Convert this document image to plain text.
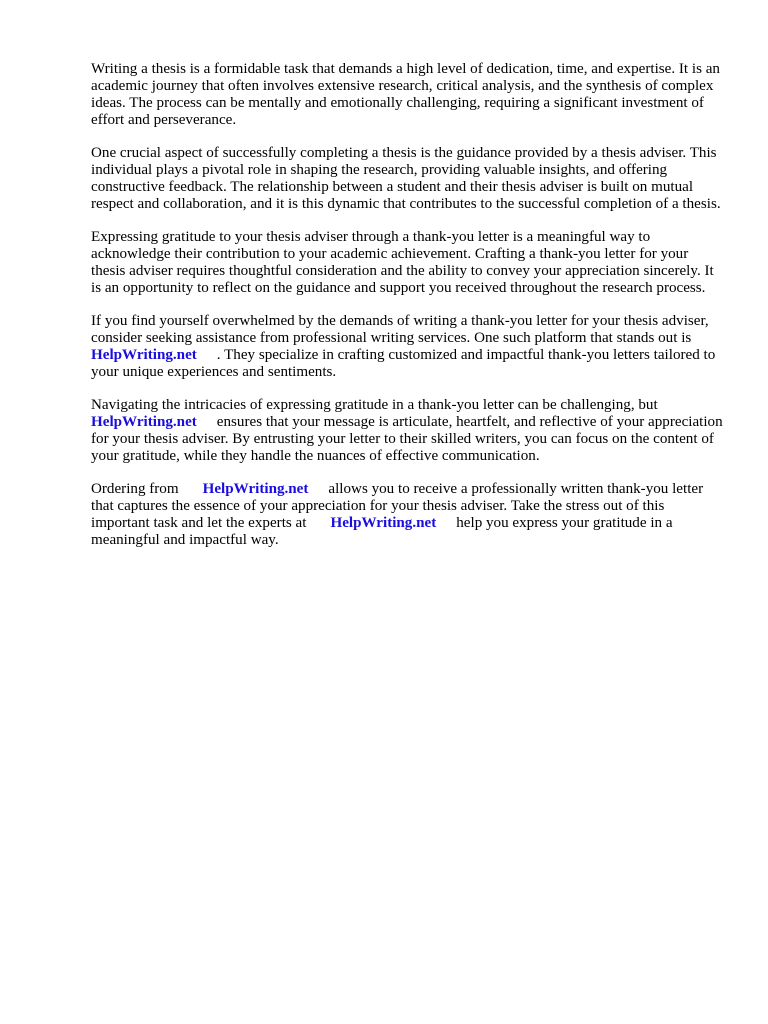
Writing a thesis is a formidable task that demands a high level of dedication, time, and expertise. It is an academic journey that often involves extensive research, critical analysis, and the synthesis of complex ideas. The process can be mentally and emotionally challenging, requiring a significant investment of effort and perseverance.

One crucial aspect of successfully completing a thesis is the guidance provided by a thesis adviser. This individual plays a pivotal role in shaping the research, providing valuable insights, and offering constructive feedback. The relationship between a student and their thesis adviser is built on mutual respect and collaboration, and it is this dynamic that contributes to the successful completion of a thesis.

Expressing gratitude to your thesis adviser through a thank-you letter is a meaningful way to acknowledge their contribution to your academic achievement. Crafting a thank-you letter for your thesis adviser requires thoughtful consideration and the ability to convey your appreciation sincerely. It is an opportunity to reflect on the guidance and support you received throughout the research process.

If you find yourself overwhelmed by the demands of writing a thank-you letter for your thesis adviser, consider seeking assistance from professional writing services. One such platform that stands out isHelpWriting.net . They specialize in crafting customized and impactful thank-you letters tailored to your unique experiences and sentiments.

Navigating the intricacies of expressing gratitude in a thank-you letter can be challenging, but
HelpWriting.net ensures that your message is articulate, heartfelt, and reflective of your appreciation for your thesis adviser. By entrusting your letter to their skilled writers, you can focus on the content of your gratitude, while they handle the nuances of effective communication.

Ordering from HelpWriting.net allows you to receive a professionally written thank-you letter that captures the essence of your appreciation for your thesis adviser. Take the stress out of this important task and let the experts at HelpWriting.net help you express your gratitude in a meaningful and impactful way.
